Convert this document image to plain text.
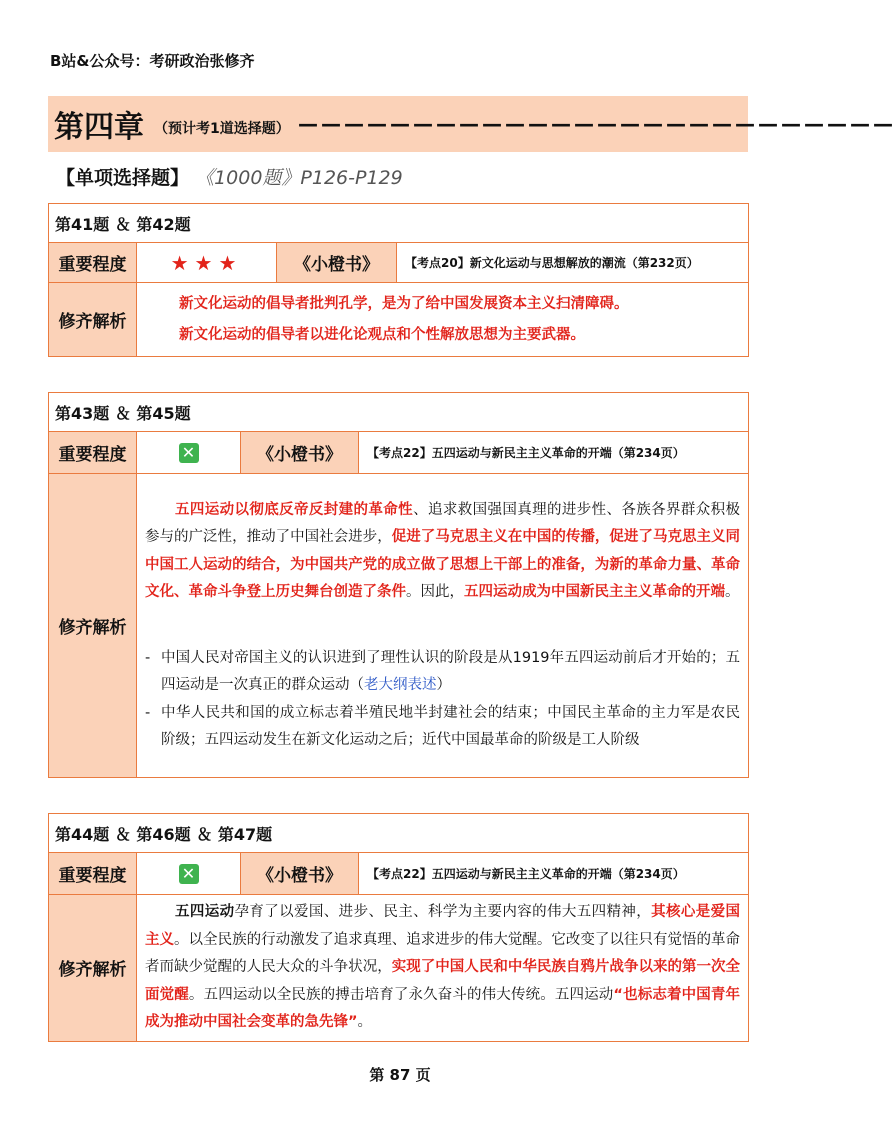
B站&公众号：考研政治张修齐
第四章 （预计考1道选择题） ——————————————————————————
【单项选择题】 《1000题》P126-P129
第41题 ＆ 第42题			
重要程度	★★★	《小橙书》	【考点20】新文化运动与思想解放的潮流（第232页）
修齐解析	新文化运动的倡导者批判孔学，是为了给中国发展资本主义扫清障碍。
新文化运动的倡导者以进化论观点和个性解放思想为主要武器。		
第43题 ＆ 第45题			
重要程度	✕	《小橙书》	【考点22】五四运动与新民主主义革命的开端（第234页）
修齐解析	五四运动以彻底反帝反封建的革命性、追求救国强国真理的进步性、各族各界群众积极参与的广泛性，推动了中国社会进步，促进了马克思主义在中国的传播，促进了马克思主义同中国工人运动的结合，为中国共产党的成立做了思想上干部上的准备，为新的革命力量、革命文化、革命斗争登上历史舞台创造了条件。因此，五四运动成为中国新民主主义革命的开端。
- 中国人民对帝国主义的认识进到了理性认识的阶段是从1919年五四运动前后才开始的；五四运动是一次真正的群众运动（老大纲表述）
- 中华人民共和国的成立标志着半殖民地半封建社会的结束；中国民主革命的主力军是农民阶级；五四运动发生在新文化运动之后；近代中国最革命的阶级是工人阶级		
第44题 ＆ 第46题 ＆ 第47题			
重要程度	✕	《小橙书》	【考点22】五四运动与新民主主义革命的开端（第234页）
修齐解析	五四运动孕育了以爱国、进步、民主、科学为主要内容的伟大五四精神，其核心是爱国主义。以全民族的行动激发了追求真理、追求进步的伟大觉醒。它改变了以往只有觉悟的革命者而缺少觉醒的人民大众的斗争状况，实现了中国人民和中华民族自鸦片战争以来的第一次全面觉醒。五四运动以全民族的搏击培育了永久奋斗的伟大传统。五四运动“也标志着中国青年成为推动中国社会变革的急先锋”。		
第 87 页
